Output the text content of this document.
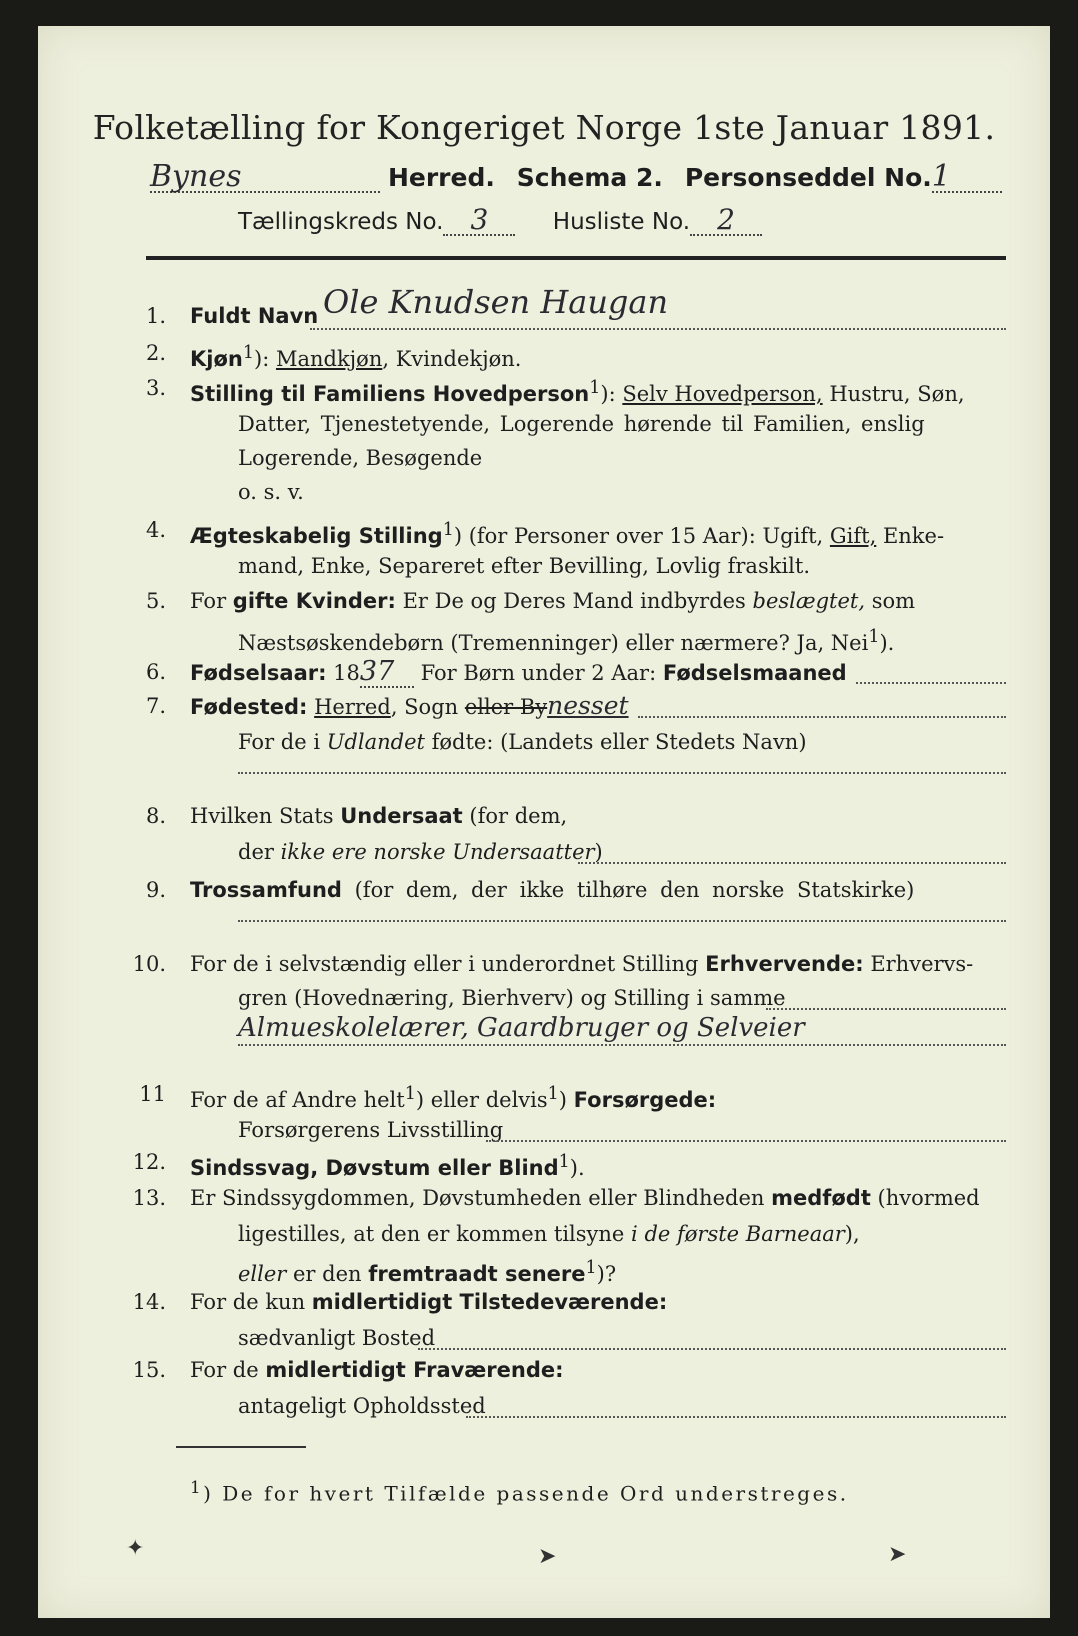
Folketælling for Kongeriget Norge 1ste Januar 1891.
Bynes	Herred. Schema 2. Personseddel No.1
Tællingskreds No. 3	Husliste No. 2
1. Fuldt Navn Ole Knudsen Haugan
2. Kjøn$^1$): Mandkjøn, Kvindekjøn.
3. Stilling til Familiens Hovedperson$^1$): Selv Hovedperson, Hustru, Søn,
Datter, Tjenestetyende, Logerende hørende til Familien, enslig
Logerende, Besøgende
o. s. v.
4. Ægteskabelig Stilling$^1$) (for Personer over 15 Aar): Ugift, Gift, Enke-
mand, Enke, Separeret efter Bevilling, Lovlig fraskilt.
5. For gifte Kvinder: Er De og Deres Mand indbyrdes beslægtet, som
Næstsøskendebørn (Tremenninger) eller nærmere? Ja, Nei$^1$).
6. Fødselsaar: 1837 For Børn under 2 Aar: Fødselsmaaned
7. Fødested: Herred, Sogn eller Bynesset
For de i Udlandet fødte: (Landets eller Stedets Navn)
8. Hvilken Stats Undersaat (for dem,
der ikke ere norske Undersaatter)
9. Trossamfund (for dem, der ikke tilhøre den norske Statskirke)
10. For de i selvstændig eller i underordnet Stilling Erhvervende: Erhvervs-
gren (Hovednæring, Bierhverv) og Stilling i samme
Almueskolelærer, Gaardbruger og Selveier
11 For de af Andre helt$^1$) eller delvis$^1$) Forsørgede:
Forsørgerens Livsstilling
12. Sindssvag, Døvstum eller Blind$^1$).
13. Er Sindssygdommen, Døvstumheden eller Blindheden medfødt (hvormed
ligestilles, at den er kommen tilsyne i de første Barneaar),
eller er den fremtraadt senere$^1$)?
14. For de kun midlertidigt Tilstedeværende:
sædvanligt Bosted
15. For de midlertidigt Fraværende:
antageligt Opholdssted
$^1$) De for hvert Tilfælde passende Ord understreges.
✦	➤	➤
